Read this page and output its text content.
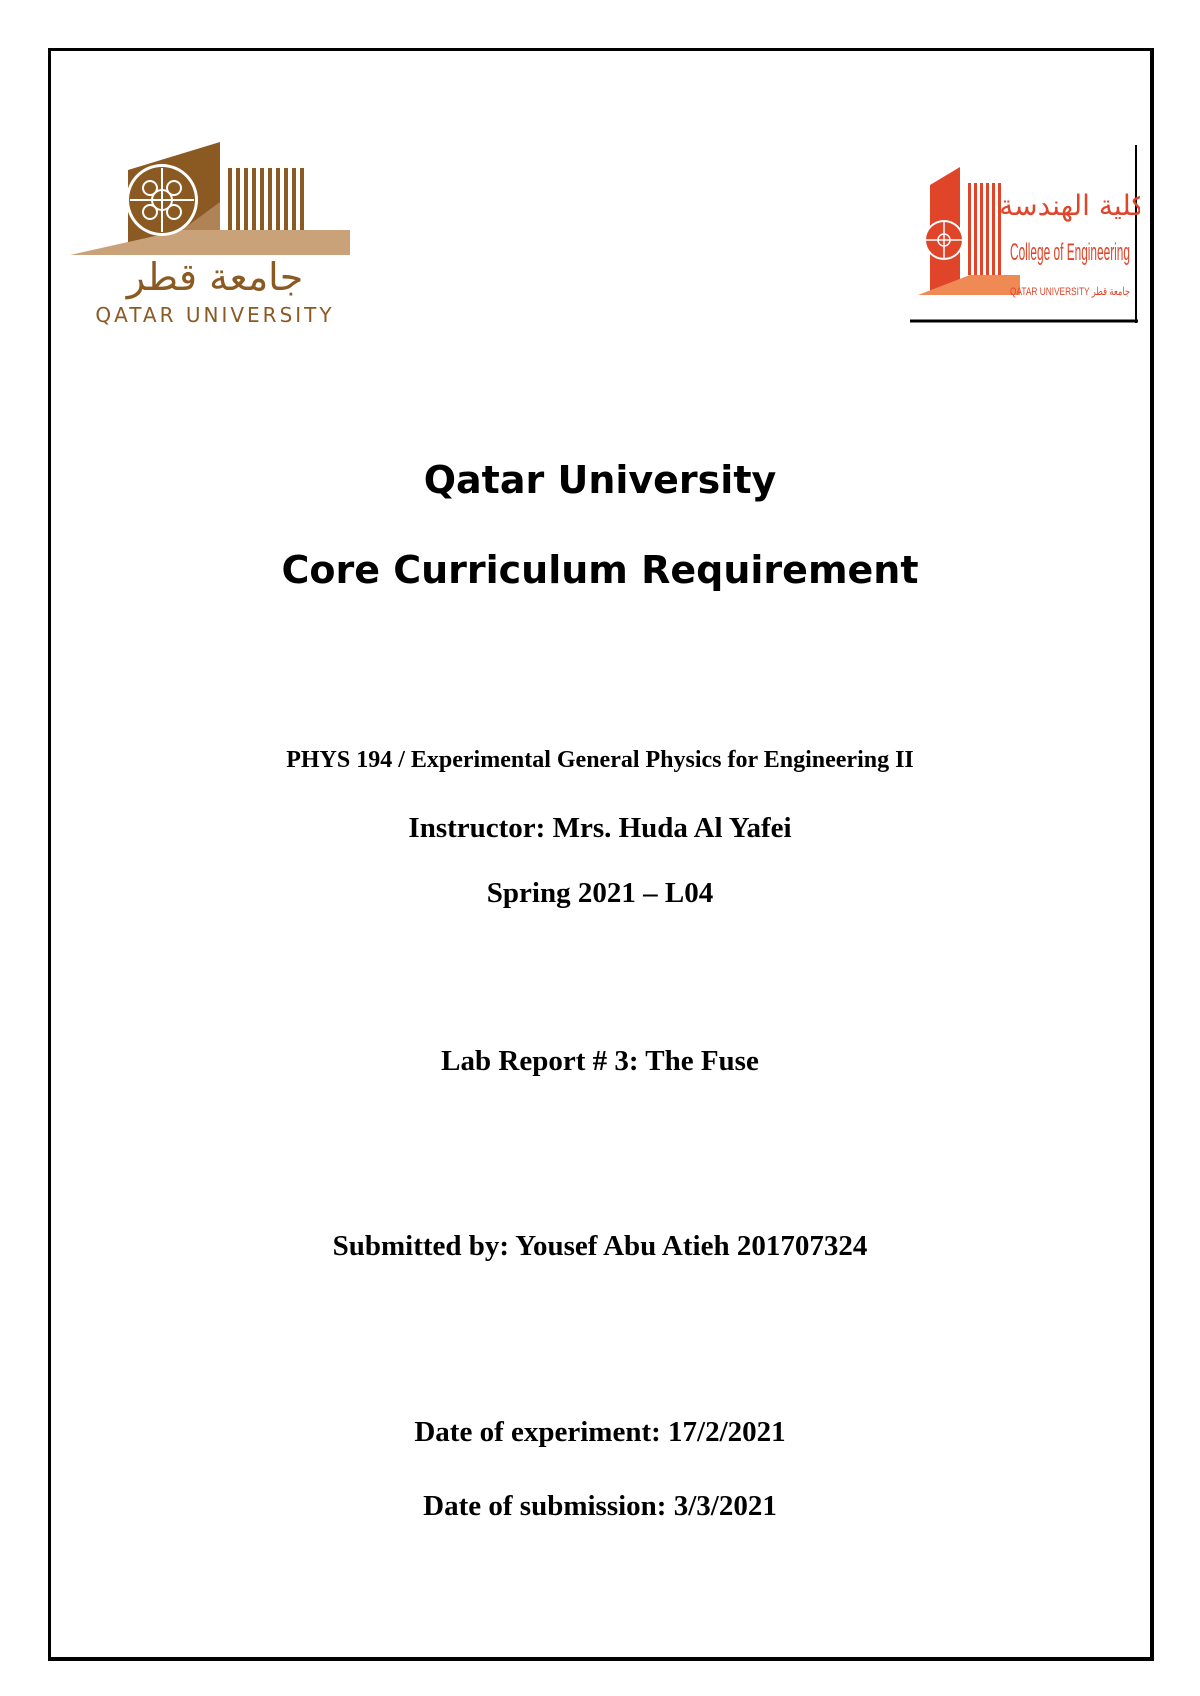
جامعة قطر
QATAR UNIVERSITY
كلية الهندسة
College of Engineering
QATAR UNIVERSITY جامعة قطر
Qatar University
Core Curriculum Requirement

PHYS 194 / Experimental General Physics for Engineering II

Instructor: Mrs. Huda Al Yafei

Spring 2021 – L04

Lab Report # 3: The Fuse

Submitted by: Yousef Abu Atieh 201707324

Date of experiment: 17/2/2021

Date of submission: 3/3/2021
